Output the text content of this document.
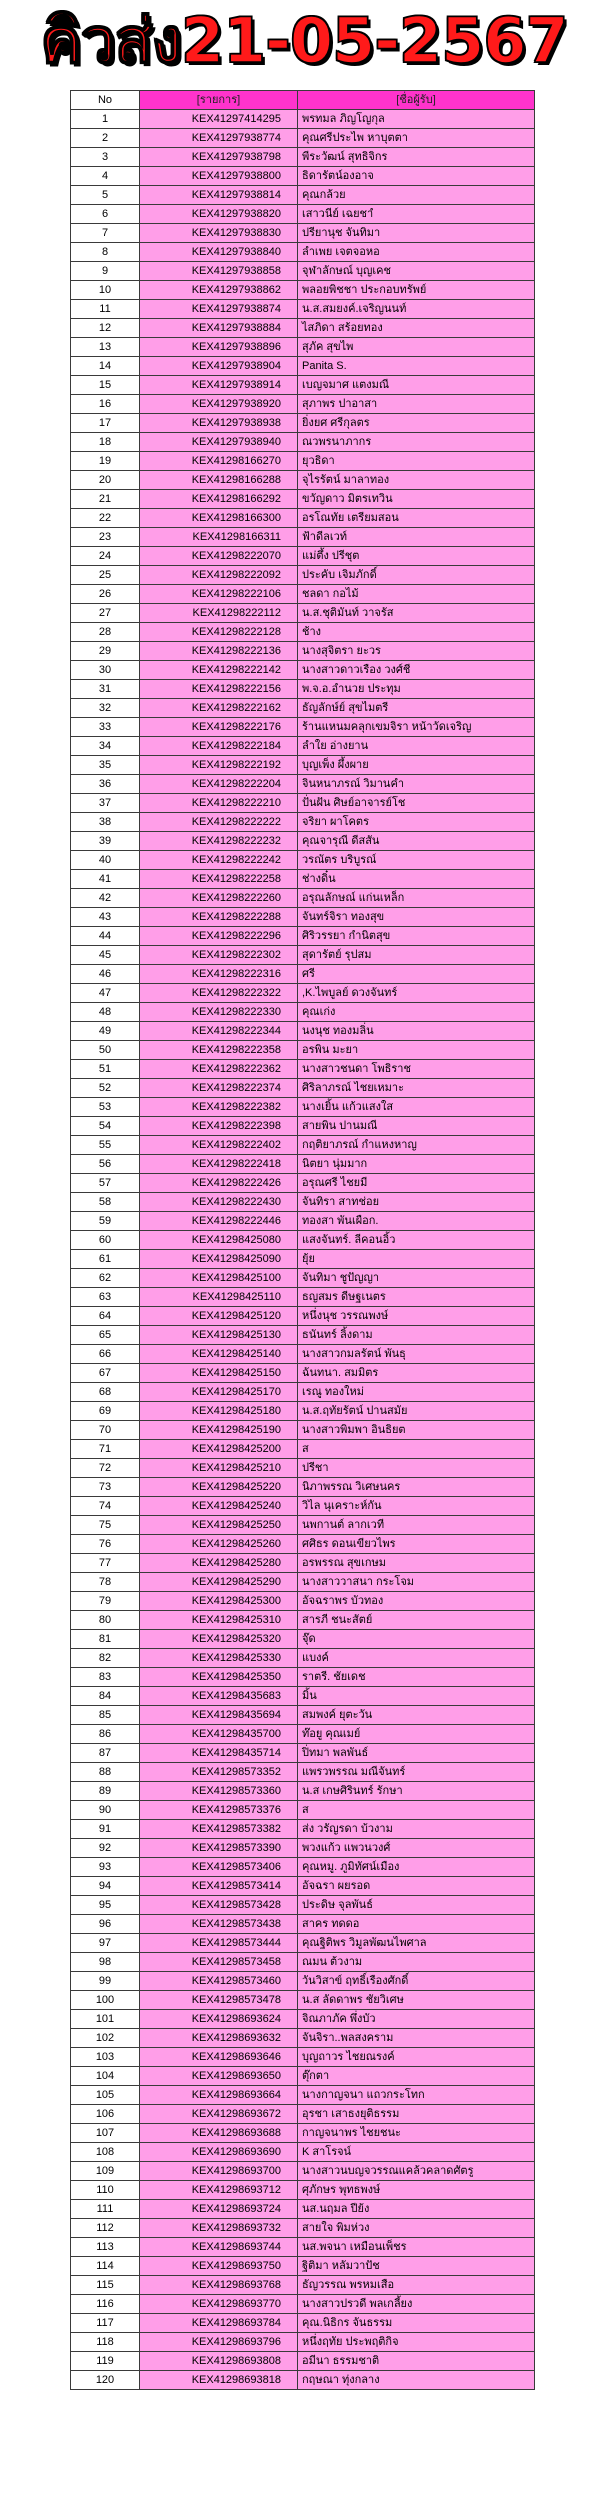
คิวส่ง21-05-2567
No	[รายการ]	[ชื่อผู้รับ]
1	KEX41297414295	พรทมล ภิญโญกุล
2	KEX41297938774	คุณศรีประไพ หาบุตตา
3	KEX41297938798	พีระวัฒน์ สุทธิจิกร
4	KEX41297938800	ธิดารัตน์องอาจ
5	KEX41297938814	คุณกล้วย
6	KEX41297938820	เสาวนีย์ เฉยชาํ
7	KEX41297938830	ปรียานุช จันทิมา
8	KEX41297938840	ลำเพย เจตจอหอ
9	KEX41297938858	จุฬาลักษณ์ บุญเคช
10	KEX41297938862	พลอยพิชชา ประกอบทรัพย์
11	KEX41297938874	น.ส.สมยงค์.เจริญนนท์
12	KEX41297938884	ไสภิดา สร้อยทอง
13	KEX41297938896	สุภัค สุขไพ
14	KEX41297938904	Panita S.
15	KEX41297938914	เบญจมาศ แตงมณี
16	KEX41297938920	สุภาพร ปาอาสา
17	KEX41297938938	ยิ่งยศ ศรีกุลตร
18	KEX41297938940	ณวพรนาภากร
19	KEX41298166270	ยุวธิดา
20	KEX41298166288	จุไรรัตน์ มาลาทอง
21	KEX41298166292	ขวัญดาว มิตรเทวิน
22	KEX41298166300	อรโณทัย เตรียมสอน
23	KEX41298166311	ฟ้าดีลเวท์
24	KEX41298222070	แม่ตึ้ง ปรีชุต
25	KEX41298222092	ประคับ เจิมภักดิ์
26	KEX41298222106	ชลดา กอไม้
27	KEX41298222112	น.ส.ชุติมันท์ วาจรัส
28	KEX41298222128	ช้าง
29	KEX41298222136	นางสุจิตรา ยะวร
30	KEX41298222142	นางสาวดาวเรือง วงศ์ชี
31	KEX41298222156	พ.จ.อ.อำนวย ประทุม
32	KEX41298222162	ธัญลักษ์ย์ สุขไมตรี
33	KEX41298222176	ร้านแหนมคลุกเขมจิรา หน้าวัดเจริญ
34	KEX41298222184	ลำใย อ่างยาน
35	KEX41298222192	บุญเพ็ง ผึ้งผาย
36	KEX41298222204	จินหนาภรณ์ วิมานคำ
37	KEX41298222210	ปั่นฝัน ศิษย์อาจารย์โช
38	KEX41298222222	จริยา ผาโคตร
39	KEX41298222232	คุณจารุณี ดีสสัน
40	KEX41298222242	วรณัตร บริบูรณ์
41	KEX41298222258	ช่างดิ๋น
42	KEX41298222260	อรุณลักษณ์ แก่นเหล็ก
43	KEX41298222288	จันทร์จิรา ทองสุข
44	KEX41298222296	ศิริวรรยา กำนิตสุข
45	KEX41298222302	สุดารัตย์ รุปสม
46	KEX41298222316	ศรี
47	KEX41298222322	,K.ไพบูลย์ ดวงจันทร์
48	KEX41298222330	คุณเก่ง
49	KEX41298222344	นงนุช ทองมลิ่น
50	KEX41298222358	อรพิน มะยา
51	KEX41298222362	นางสาวชนดา โพธิราช
52	KEX41298222374	ศิริลาภรณ์ ไชยเหมาะ
53	KEX41298222382	นางเยิ้น แก้วแสงใส
54	KEX41298222398	สายพิน ปานมณี
55	KEX41298222402	กฤติยาภรณ์ กำแหงหาญ
56	KEX41298222418	นิตยา นุ่มมาก
57	KEX41298222426	อรุณศรี ไชยมี
58	KEX41298222430	จันทิรา สาทช่อย
59	KEX41298222446	ทองสา พันเผือก.
60	KEX41298425080	แสงจันทร์. ลีคอนอิ้ว
61	KEX41298425090	ยุ้ย
62	KEX41298425100	จันทิมา ชูปัญญา
63	KEX41298425110	ธญสมร ดีษฐเนตร
64	KEX41298425120	หนึ่งนุช วรรณพงษ์
65	KEX41298425130	ธนันทร์ ลิ้งดาม
66	KEX41298425140	นางสาวกมลรัตน์ พันธุ
67	KEX41298425150	ฉันทนา. สมมิตร
68	KEX41298425170	เรณู ทองใหม่
69	KEX41298425180	น.ส.ฤทัยรัตน์ ปานสมัย
70	KEX41298425190	นางสาวพิมพา อินธิยต
71	KEX41298425200	ส
72	KEX41298425210	ปรีชา
73	KEX41298425220	นิภาพรรณ วิเศษนคร
74	KEX41298425240	วิไล นุเคราะห์กัน
75	KEX41298425250	นพกานต์ ลากเวที
76	KEX41298425260	ศศิธร ดอนเขียวไพร
77	KEX41298425280	อรพรรณ สุขเกษม
78	KEX41298425290	นางสาววาสนา กระโจม
79	KEX41298425300	อัจฉราพร บัวทอง
80	KEX41298425310	สารภี ชนะสัตย์
81	KEX41298425320	จุ๊ด
82	KEX41298425330	แบงค์
83	KEX41298425350	ราตรี. ชัยเดช
84	KEX41298435683	มิ้น
85	KEX41298435694	สมพงค์ ยุตะวัน
86	KEX41298435700	ท๊อยู คุณเมย์
87	KEX41298435714	ปิ่ทมา พลพันธ์
88	KEX41298573352	แพรวพรรณ มณีจันทร์
89	KEX41298573360	น.ส เกษศิรินทร์ รักษา
90	KEX41298573376	ส
91	KEX41298573382	ส่ง วรัญรดา บ้วงาม
92	KEX41298573390	พวงแก้ว แพวนวงศ์
93	KEX41298573406	คุณหมู. ภูมิทัศน์เมือง
94	KEX41298573414	อัจฉรา ผยรอด
95	KEX41298573428	ประดิษ จุลพันธ์
96	KEX41298573438	สาคร ทดดอ
97	KEX41298573444	คุณฐิติพร วิมูลพัฒนไพศาล
98	KEX41298573458	ณมน ต้วงาม
99	KEX41298573460	วันวิสาข์ ฤทธิ์เรืองศักดิ์
100	KEX41298573478	น.ส ลัดดาพร ชัยวิเศษ
101	KEX41298693624	จิณภาภัค พึ่งบัว
102	KEX41298693632	จันจิรา..พลสงคราม
103	KEX41298693646	บุญถาวร ไชยณรงค์
104	KEX41298693650	ตุ๊กตา
105	KEX41298693664	นางกาญจนา แถวกระโทก
106	KEX41298693672	อุรชา เสาธงยุติธรรม
107	KEX41298693688	กาญจนาพร ไชยชนะ
108	KEX41298693690	K สาโรจน์
109	KEX41298693700	นางสาวนบญจวรรณแคล้วคลาดศัตรู
110	KEX41298693712	ศุภักษร พุทธพงษ์
111	KEX41298693724	นส.นฤมล ปีย้ง
112	KEX41298693732	สายใจ พิมห่วง
113	KEX41298693744	นส.พจนา เหมือนเพ็ชร
114	KEX41298693750	ฐิติมา หลัมวาปัช
115	KEX41298693768	ธัญวรรณ พรหมเสือ
116	KEX41298693770	นางสาวปรวดี พลเกลี้ยง
117	KEX41298693784	คุณ.นิธิกร จันธรรม
118	KEX41298693796	หนึ่งฤทัย ประพฤติกิจ
119	KEX41298693808	อมีนา ธรรมชาติ
120	KEX41298693818	กฤษณา ทุ่งกลาง
